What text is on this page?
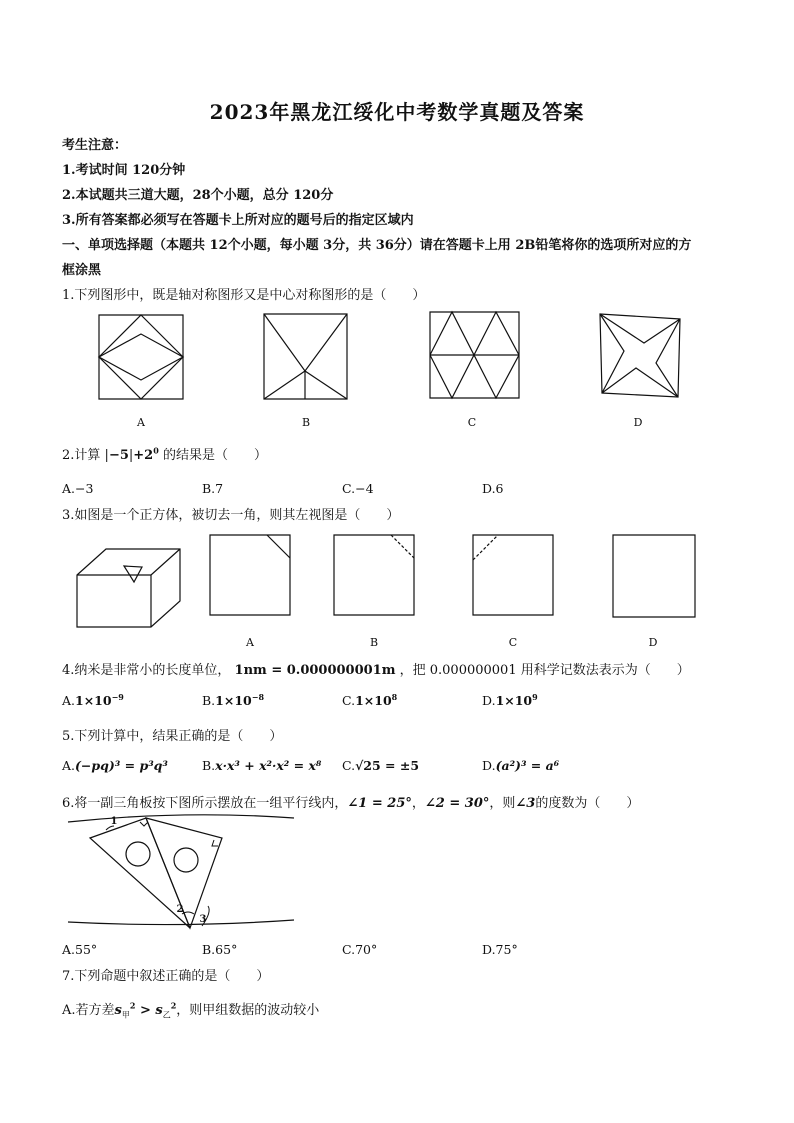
2023年黑龙江绥化中考数学真题及答案
考生注意：
1.考试时间 120分钟
2.本试题共三道大题，28个小题，总分 120分
3.所有答案都必须写在答题卡上所对应的题号后的指定区域内
一、单项选择题（本题共 12个小题，每小题 3分，共 36分）请在答题卡上用 2B铅笔将你的选项所对应的方
框涂黑
1.下列图形中，既是轴对称图形又是中心对称图形的是（　　）
A	B	C	D
2.计算 $|-5|+2^0$ 的结果是（　　）
A.−3	B.7	C.−4	D.6
3.如图是一个正方体，被切去一角，则其左视图是（　　）
A	B	C	D
4.纳米是非常小的长度单位， 1nm = 0.000000001m ，把 0.000000001 用科学记数法表示为（　　）
$A.1\times 10^{-9}$	$B.1\times 10^{-8}$	$C.1\times 10^8$	$D.1\times 10^9$
5.下列计算中，结果正确的是（　　）
A.(−pq)³ = p³q³	B.x·x³ + x²·x² = x⁸ C.√25 = ±5	D.(a²)³ = a⁶
6.将一副三角板按下图所示摆放在一组平行线内，∠1 = 25°，∠2 = 30°，则∠3的度数为（　　）
1
2
3
A.55°	B.65°	C.70°	D.75°
7.下列命题中叙述正确的是（　　）
A.若方差$s_甲^2 > s_乙^2$，则甲组数据的波动较小
